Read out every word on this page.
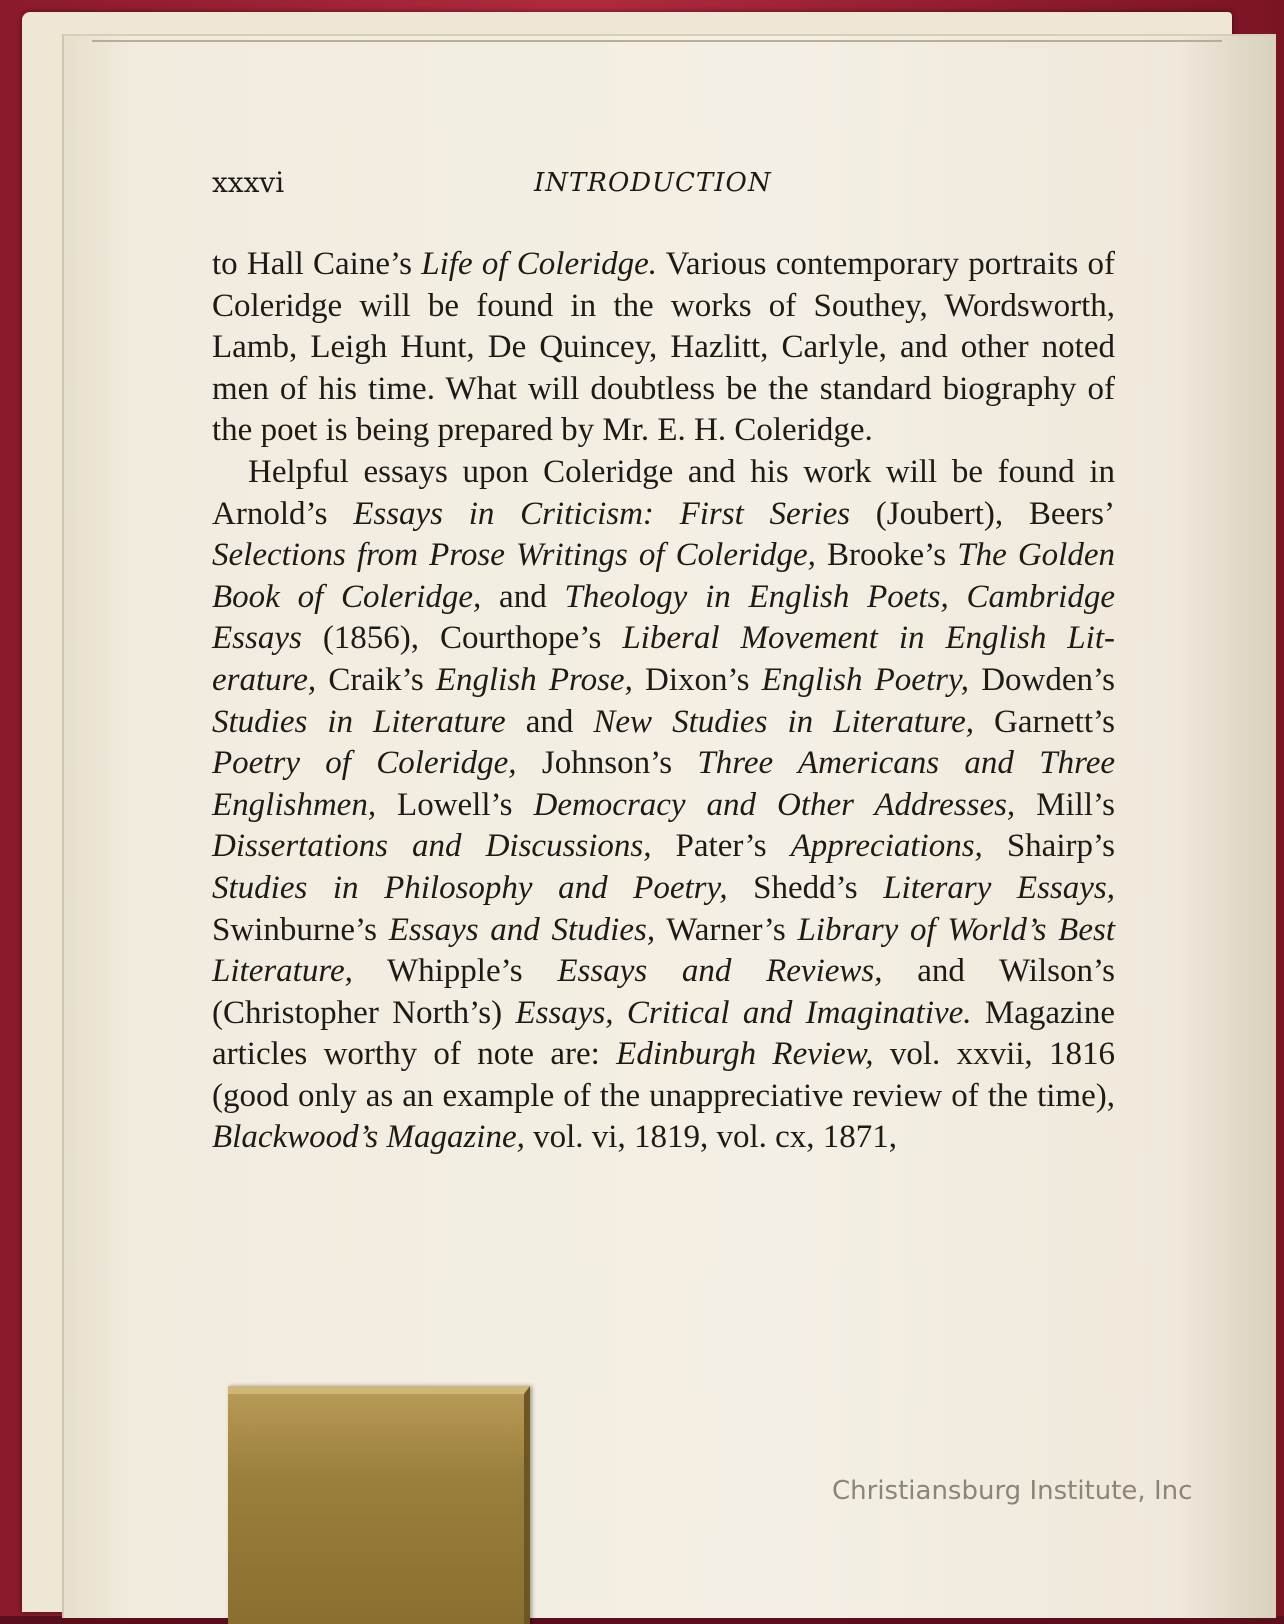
xxxvi	INTRODUCTION

to Hall Caine’s Life of Coleridge. Various contemporary portraits of Coleridge will be found in the works of Southey, Wordsworth, Lamb, Leigh Hunt, De Quincey, Hazlitt, Carlyle, and other noted men of his time. What will doubtless be the standard biography of the poet is being prepared by Mr. E. H. Coleridge.

Helpful essays upon Coleridge and his work will be found in Arnold’s Essays in Criticism: First Series (Joubert), Beers’ Selections from Prose Writings of Coleridge, Brooke’s The Golden Book of Coleridge, and Theology in English Poets, Cambridge Essays (1856), Courthope’s Liberal Movement in English Literature, Craik’s English Prose, Dixon’s English Poetry, Dowden’s Studies in Literature and New Studies in Literature, Garnett’s Poetry of Coleridge, Johnson’s Three Americans and Three Englishmen, Lowell’s Democracy and Other Addresses, Mill’s Dissertations and Discussions, Pater’s Appreciations, Shairp’s Studies in Philosophy and Poetry, Shedd’s Literary Essays, Swinburne’s Essays and Studies, Warner’s Library of World’s Best Literature, Whipple’s Essays and Reviews, and Wilson’s (Christopher North’s) Essays, Critical and Imaginative. Magazine articles worthy of note are: Edinburgh Review, vol. xxvii, 1816 (good only as an example of the unappreciative review of the time), Blackwood’s Magazine, vol. vi, 1819, vol. cx, 1871,

Christiansburg Institute, Inc
